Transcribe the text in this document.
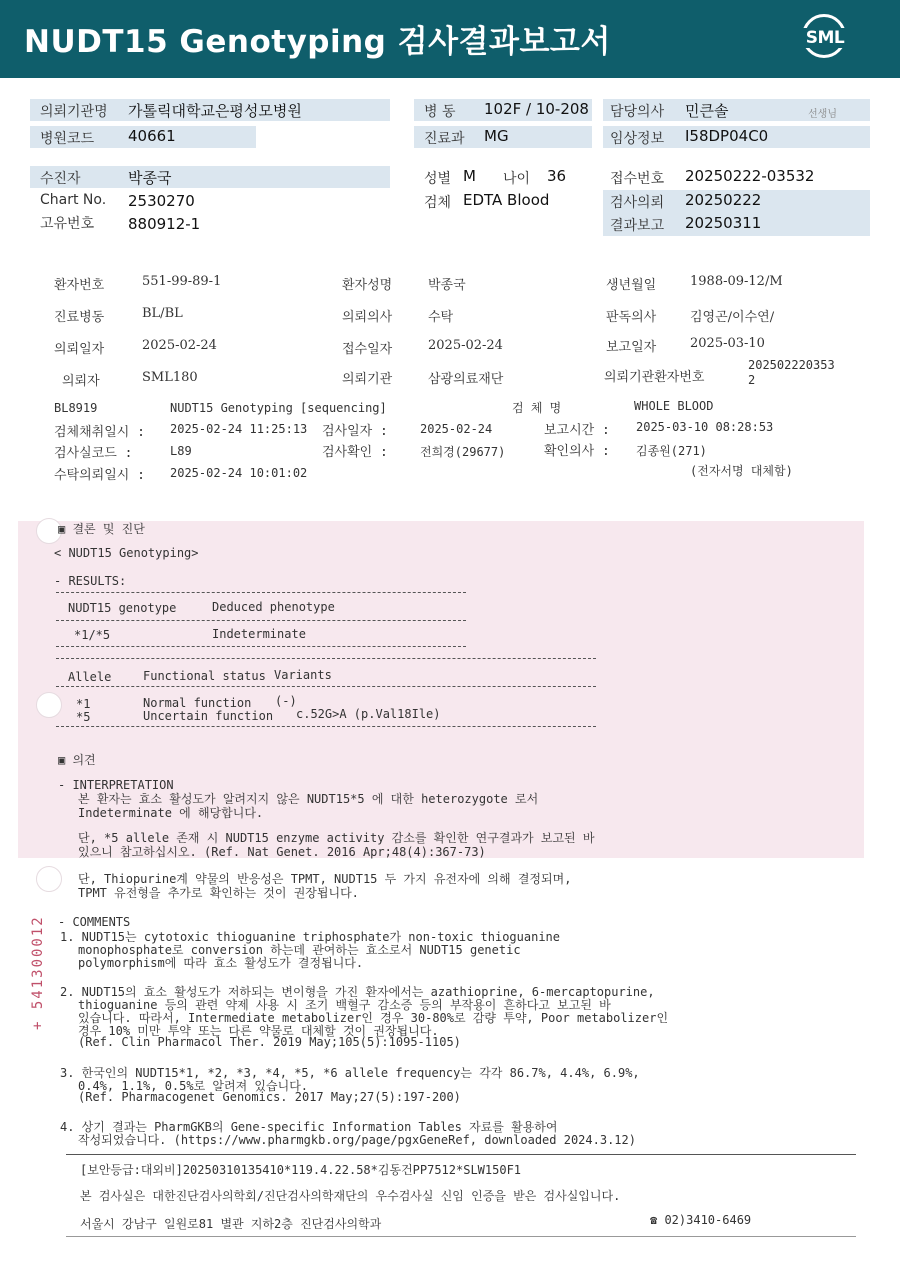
NUDT15 Genotyping 검사결과보고서	SML
의뢰기관명 가톨릭대학교은평성모병원
병원코드 40661
병 동 102F / 10-208
진료과 MG
담당의사 민큰솔	선생님
임상정보 I58DP04C0
수진자	박종국
Chart No. 2530270
고유번호 880912-1
성별 M 나이 36
검체 EDTA Blood
접수번호 20250222-03532
검사의뢰 20250222
결과보고 20250311
환자번호	551-99-89-1	환자성명	박종국	생년월일	1988-09-12/M
진료병동	BL/BL	의뢰의사	수탁	판독의사	김영곤/이수연/
의뢰일자	2025-02-24	접수일자	2025-02-24	보고일자	2025-03-10
의뢰자	SML180	의뢰기관	삼광의료재단	의뢰기관환자번호
202502220353
2
BL8919	NUDT15 Genotyping [sequencing]	검 체 명	WHOLE BLOOD
검체채취일시 : 2025-02-24 11:25:13 검사일자 :	2025-02-24	보고시간 : 2025-03-10 08:28:53
검사실코드 :	L89	검사확인 :	전희경(29677)	확인의사 : 김종원(271)
수탁의뢰일시 : 2025-02-24 10:01:02	(전자서명 대체함)
▣ 결론 및 진단
< NUDT15 Genotyping>
- RESULTS:
NUDT15 genotype	Deduced phenotype
*1/*5	Indeterminate
Allele	Functional status Variants
*1	Normal function (-)
*5	Uncertain function c.52G>A (p.Val18Ile)
▣ 의견
- INTERPRETATION
본 환자는 효소 활성도가 알려지지 않은 NUDT15*5 에 대한 heterozygote 로서
Indeterminate 에 해당합니다.
단, *5 allele 존재 시 NUDT15 enzyme activity 감소를 확인한 연구결과가 보고된 바
있으니 참고하십시오. (Ref. Nat Genet. 2016 Apr;48(4):367-73)
단, Thiopurine계 약물의 반응성은 TPMT, NUDT15 두 가지 유전자에 의해 결정되며,
TPMT 유전형을 추가로 확인하는 것이 권장됩니다.
- COMMENTS
1. NUDT15는 cytotoxic thioguanine triphosphate가 non-toxic thioguanine
monophosphate로 conversion 하는데 관여하는 효소로서 NUDT15 genetic
polymorphism에 따라 효소 활성도가 결정됩니다.
2. NUDT15의 효소 활성도가 저하되는 변이형을 가진 환자에서는 azathioprine, 6-mercaptopurine,
thioguanine 등의 관련 약제 사용 시 조기 백혈구 감소증 등의 부작용이 흔하다고 보고된 바
있습니다. 따라서, Intermediate metabolizer인 경우 30-80%로 감량 투약, Poor metabolizer인
경우 10% 미만 투약 또는 다른 약물로 대체할 것이 권장됩니다.
(Ref. Clin Pharmacol Ther. 2019 May;105(5):1095-1105)
3. 한국인의 NUDT15*1, *2, *3, *4, *5, *6 allele frequency는 각각 86.7%, 4.4%, 6.9%,
0.4%, 1.1%, 0.5%로 알려져 있습니다.
(Ref. Pharmacogenet Genomics. 2017 May;27(5):197-200)
4. 상기 결과는 PharmGKB의 Gene-specific Information Tables 자료를 활용하여
작성되었습니다. (https://www.pharmgkb.org/page/pgxGeneRef, downloaded 2024.3.12)
[보안등급:대외비]20250310135410*119.4.22.58*김동건PP7512*SLW150F1
본 검사실은 대한진단검사의학회/진단검사의학재단의 우수검사실 신임 인증을 받은 검사실입니다.
서울시 강남구 일원로81 별관 지하2층 진단검사의학과	☎ 02)3410-6469
+ 541300012
